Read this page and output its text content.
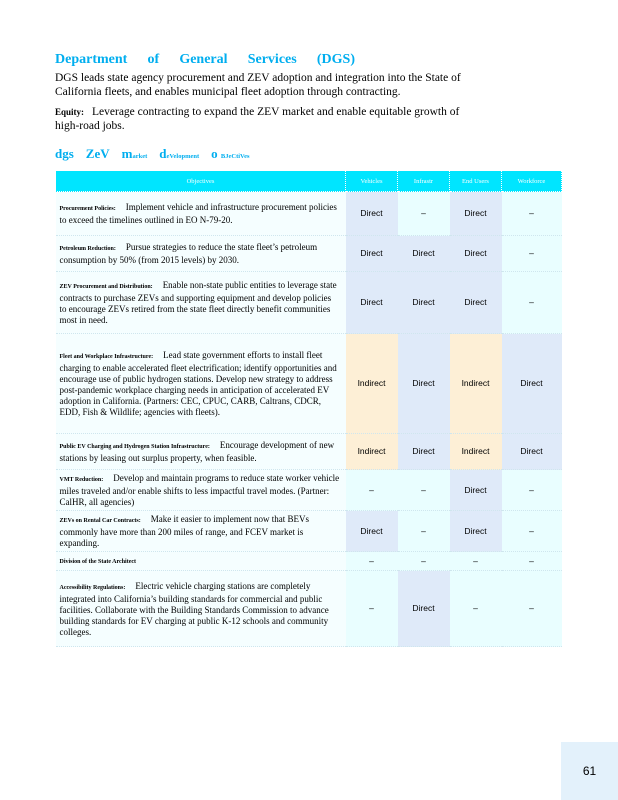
Department of General Services (DGS)
DGS leads state agency procurement and ZEV adoption and integration into the State of California fleets, and enables municipal fleet adoption through contracting.
Equity: Leverage contracting to expand the ZEV market and enable equitable growth of high-road jobs.
dgs ZeV market deVelopment o BJeCtiVes
Objectives	Vehicles	Infrastr	End Users	Workforce
Procurement Policies: Implement vehicle and infrastructure procurement policies to exceed the timelines outlined in EO N-79-20.	Direct	–	Direct	–
Petroleum Reduction: Pursue strategies to reduce the state fleet’s petroleum consumption by 50% (from 2015 levels) by 2030.	Direct	Direct	Direct	–
ZEV Procurement and Distribution: Enable non-state public entities to leverage state contracts to purchase ZEVs and supporting equipment and develop policies to encourage ZEVs retired from the state fleet directly benefit communities most in need.	Direct	Direct	Direct	–
Fleet and Workplace Infrastructure: Lead state government efforts to install fleet charging to enable accelerated fleet electrification; identify opportunities and encourage use of public hydrogen stations. Develop new strategy to address post-pandemic workplace charging needs in anticipation of accelerated EV adoption in California. (Partners: CEC, CPUC, CARB, Caltrans, CDCR, EDD, Fish & Wildlife; agencies with fleets).	Indirect	Direct	Indirect	Direct
Public EV Charging and Hydrogen Station Infrastructure: Encourage development of new stations by leasing out surplus property, when feasible.	Indirect	Direct	Indirect	Direct
VMT Reduction: Develop and maintain programs to reduce state worker vehicle miles traveled and/or enable shifts to less impactful travel modes. (Partner: CalHR, all agencies)	–	–	Direct	–
ZEVs on Rental Car Contracts: Make it easier to implement now that BEVs commonly have more than 200 miles of range, and FCEV market is expanding.	Direct	–	Direct	–
Division of the State Architect	–	–	–	–
Accessibility Regulations: Electric vehicle charging stations are completely integrated into California’s building standards for commercial and public facilities. Collaborate with the Building Standards Commission to advance building standards for EV charging at public K-12 schools and community colleges.	–	Direct	–	–
61
